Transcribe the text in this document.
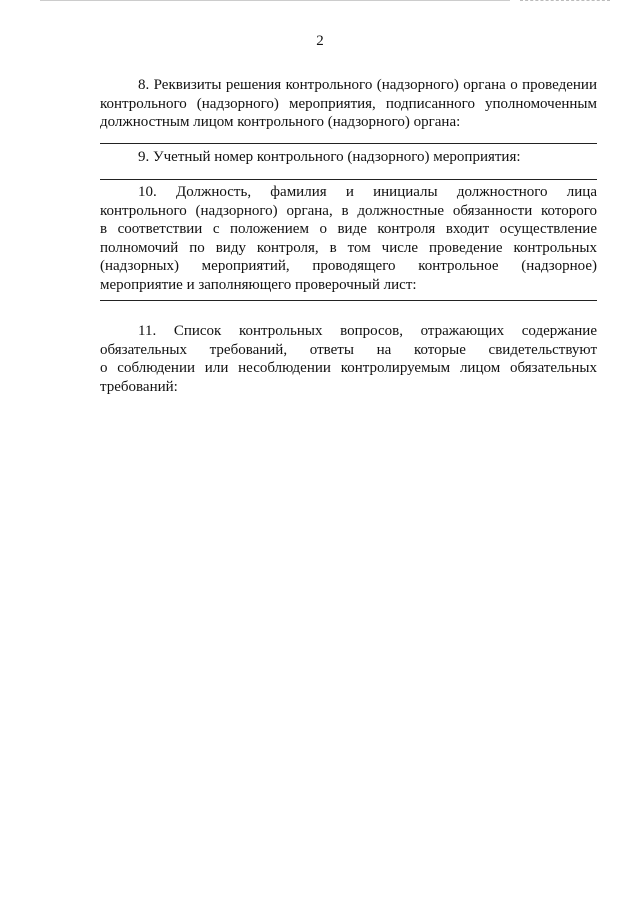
2
8. Реквизиты решения контрольного (надзорного) органа о проведении
контрольного (надзорного) мероприятия, подписанного уполномоченным
должностным лицом контрольного (надзорного) органа:
9. Учетный номер контрольного (надзорного) мероприятия:
10. Должность, фамилия и инициалы должностного лица
контрольного (надзорного) органа, в должностные обязанности которого
в соответствии с положением о виде контроля входит осуществление
полномочий по виду контроля, в том числе проведение контрольных
(надзорных) мероприятий, проводящего контрольное (надзорное)
мероприятие и заполняющего проверочный лист:
11. Список контрольных вопросов, отражающих содержание
обязательных требований, ответы на которые свидетельствуют
о соблюдении или несоблюдении контролируемым лицом обязательных
требований:
